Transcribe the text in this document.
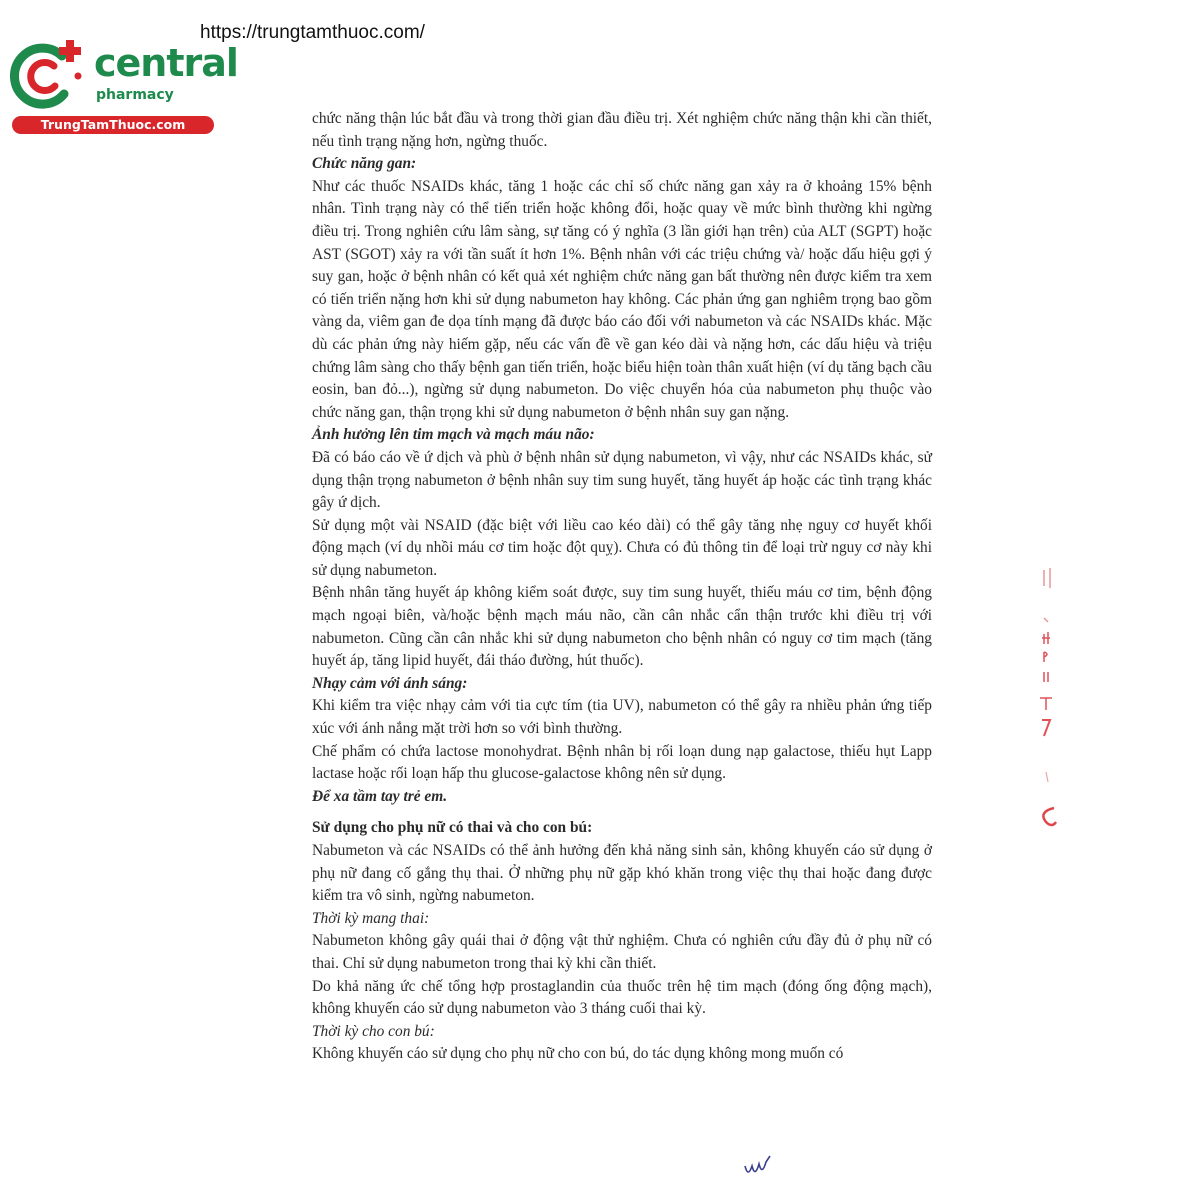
https://trungtamthuoc.com/
central
pharmacy
TrungTamThuoc.com	chức năng thận lúc bắt đầu và trong thời gian đầu điều trị. Xét nghiệm chức năng thận khi cần thiết, nếu tình trạng nặng hơn, ngừng thuốc.

Chức năng gan:

Như các thuốc NSAIDs khác, tăng 1 hoặc các chỉ số chức năng gan xảy ra ở khoảng 15% bệnh nhân. Tình trạng này có thể tiến triển hoặc không đổi, hoặc quay về mức bình thường khi ngừng điều trị. Trong nghiên cứu lâm sàng, sự tăng có ý nghĩa (3 lần giới hạn trên) của ALT (SGPT) hoặc AST (SGOT) xảy ra với tần suất ít hơn 1%. Bệnh nhân với các triệu chứng và/ hoặc dấu hiệu gợi ý suy gan, hoặc ở bệnh nhân có kết quả xét nghiệm chức năng gan bất thường nên được kiểm tra xem có tiến triển nặng hơn khi sử dụng nabumeton hay không. Các phản ứng gan nghiêm trọng bao gồm vàng da, viêm gan đe dọa tính mạng đã được báo cáo đối với nabumeton và các NSAIDs khác. Mặc dù các phản ứng này hiếm gặp, nếu các vấn đề về gan kéo dài và nặng hơn, các dấu hiệu và triệu chứng lâm sàng cho thấy bệnh gan tiến triển, hoặc biểu hiện toàn thân xuất hiện (ví dụ tăng bạch cầu eosin, ban đỏ...), ngừng sử dụng nabumeton. Do việc chuyển hóa của nabumeton phụ thuộc vào chức năng gan, thận trọng khi sử dụng nabumeton ở bệnh nhân suy gan nặng.

Ảnh hưởng lên tim mạch và mạch máu não:

Đã có báo cáo về ứ dịch và phù ở bệnh nhân sử dụng nabumeton, vì vậy, như các NSAIDs khác, sử dụng thận trọng nabumeton ở bệnh nhân suy tim sung huyết, tăng huyết áp hoặc các tình trạng khác gây ứ dịch.

Sử dụng một vài NSAID (đặc biệt với liều cao kéo dài) có thể gây tăng nhẹ nguy cơ huyết khối động mạch (ví dụ nhồi máu cơ tim hoặc đột quỵ). Chưa có đủ thông tin để loại trừ nguy cơ này khi sử dụng nabumeton.

Bệnh nhân tăng huyết áp không kiểm soát được, suy tim sung huyết, thiếu máu cơ tim, bệnh động mạch ngoại biên, và/hoặc bệnh mạch máu não, cần cân nhắc cẩn thận trước khi điều trị với nabumeton. Cũng cần cân nhắc khi sử dụng nabumeton cho bệnh nhân có nguy cơ tim mạch (tăng huyết áp, tăng lipid huyết, đái tháo đường, hút thuốc).

Nhạy cảm với ánh sáng:

Khi kiểm tra việc nhạy cảm với tia cực tím (tia UV), nabumeton có thể gây ra nhiều phản ứng tiếp xúc với ánh nắng mặt trời hơn so với bình thường.

Chế phẩm có chứa lactose monohydrat. Bệnh nhân bị rối loạn dung nạp galactose, thiếu hụt Lapp lactase hoặc rối loạn hấp thu glucose-galactose không nên sử dụng.

Để xa tầm tay trẻ em.

Sử dụng cho phụ nữ có thai và cho con bú:

Nabumeton và các NSAIDs có thể ảnh hưởng đến khả năng sinh sản, không khuyến cáo sử dụng ở phụ nữ đang cố gắng thụ thai. Ở những phụ nữ gặp khó khăn trong việc thụ thai hoặc đang được kiểm tra vô sinh, ngừng nabumeton.

Thời kỳ mang thai:

Nabumeton không gây quái thai ở động vật thử nghiệm. Chưa có nghiên cứu đầy đủ ở phụ nữ có thai. Chỉ sử dụng nabumeton trong thai kỳ khi cần thiết.

Do khả năng ức chế tổng hợp prostaglandin của thuốc trên hệ tim mạch (đóng ống động mạch), không khuyến cáo sử dụng nabumeton vào 3 tháng cuối thai kỳ.

Thời kỳ cho con bú:

Không khuyến cáo sử dụng cho phụ nữ cho con bú, do tác dụng không mong muốn có
